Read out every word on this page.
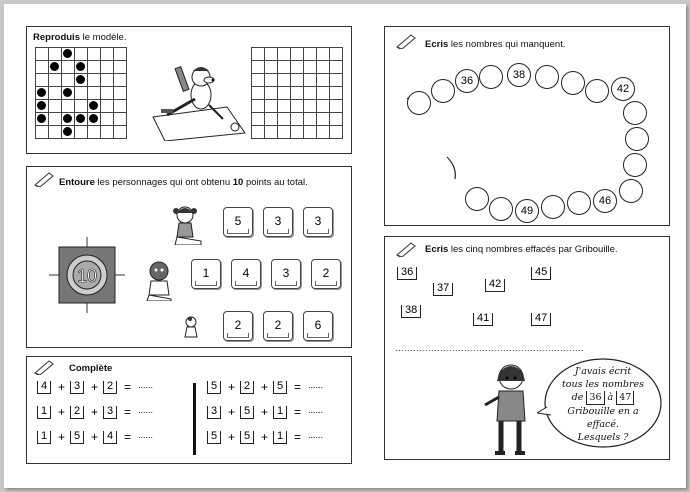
Reproduis le modèle.

Entoure les personnages qui ont obtenu 10 points au total.
10
5	3	3
1	4	3	2
2	2	6
Complète
4 + 3 + 2 = ......
1 + 2 + 3 = ......
1 + 5 + 4 = ......
5 + 2 + 5 = ......
3 + 5 + 1 = ......
5 + 5 + 1 = ......
Ecris les nombres qui manquent.
36	38
42
46
49
Ecris les cinq nombres effacés par Gribouille.
36
37	42
45
38
41	47
...............................................................
J'avais écrit
tous les nombres
de 36 à 47
Gribouille en a effacé.
Lesquels ?
